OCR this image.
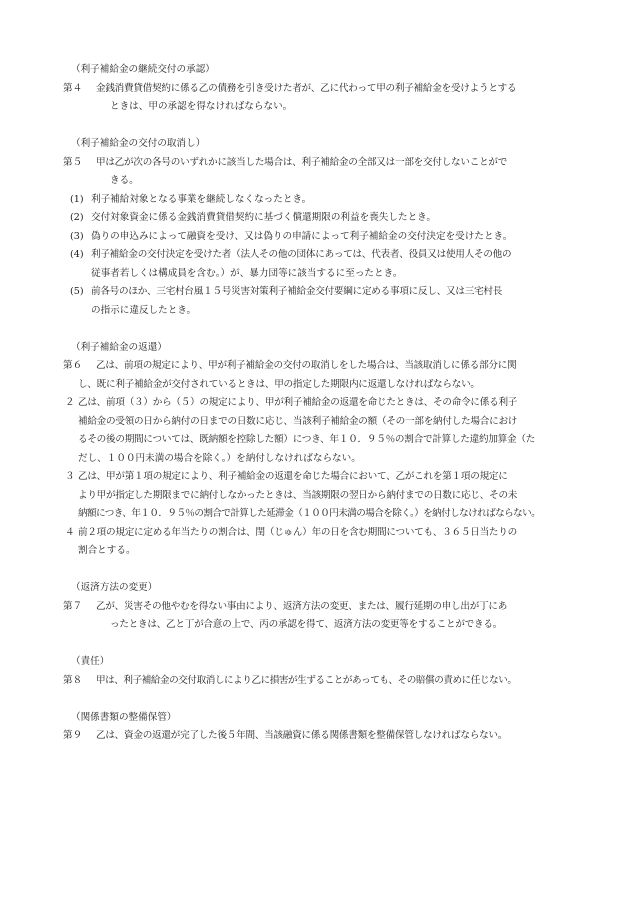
（利子補給金の継続交付の承認）
第４ 金銭消費貸借契約に係る乙の債務を引き受けた者が、乙に代わって甲の利子補給金を受けようとする
ときは、甲の承認を得なければならない。
（利子補給金の交付の取消し）
第５ 甲は乙が次の各号のいずれかに該当した場合は、利子補給金の全部又は一部を交付しないことがで
きる。
(1) 利子補給対象となる事業を継続しなくなったとき。
(2) 交付対象資金に係る金銭消費貸借契約に基づく償還期限の利益を喪失したとき。
(3) 偽りの申込みによって融資を受け、又は偽りの申請によって利子補給金の交付決定を受けたとき。
(4) 利子補給金の交付決定を受けた者（法人その他の団体にあっては、代表者、役員又は使用人その他の
従事者若しくは構成員を含む。）が、暴力団等に該当するに至ったとき。
(5) 前各号のほか、三宅村台風１５号災害対策利子補給金交付要綱に定める事項に反し、又は三宅村長
の指示に違反したとき。
（利子補給金の返還）
第６ 乙は、前項の規定により、甲が利子補給金の交付の取消しをした場合は、当該取消しに係る部分に関
し、既に利子補給金が交付されているときは、甲の指定した期限内に返還しなければならない。
２ 乙は、前項（３）から（５）の規定により、甲が利子補給金の返還を命じたときは、その命令に係る利子
補給金の受領の日から納付の日までの日数に応じ、当該利子補給金の額（その一部を納付した場合におけ
るその後の期間については、既納額を控除した額）につき、年１０．９５％の割合で計算した違約加算金（た
だし、１００円未満の場合を除く。）を納付しなければならない。
３ 乙は、甲が第１項の規定により、利子補給金の返還を命じた場合において、乙がこれを第１項の規定に
より甲が指定した期限までに納付しなかったときは、当該期限の翌日から納付までの日数に応じ、その未
納額につき、年１０．９５％の割合で計算した延滞金（１００円未満の場合を除く。）を納付しなければならない。
４ 前２項の規定に定める年当たりの割合は、閏（じゅん）年の日を含む期間についても、３６５日当たりの
割合とする。
（返済方法の変更）
第７ 乙が、災害その他やむを得ない事由により、返済方法の変更、または、履行延期の申し出が丁にあ
ったときは、乙と丁が合意の上で、丙の承認を得て、返済方法の変更等をすることができる。
（責任）
第８ 甲は、利子補給金の交付取消しにより乙に損害が生ずることがあっても、その賠償の責めに任じない。
（関係書類の整備保管）
第９ 乙は、資金の返還が完了した後５年間、当該融資に係る関係書類を整備保管しなければならない。
